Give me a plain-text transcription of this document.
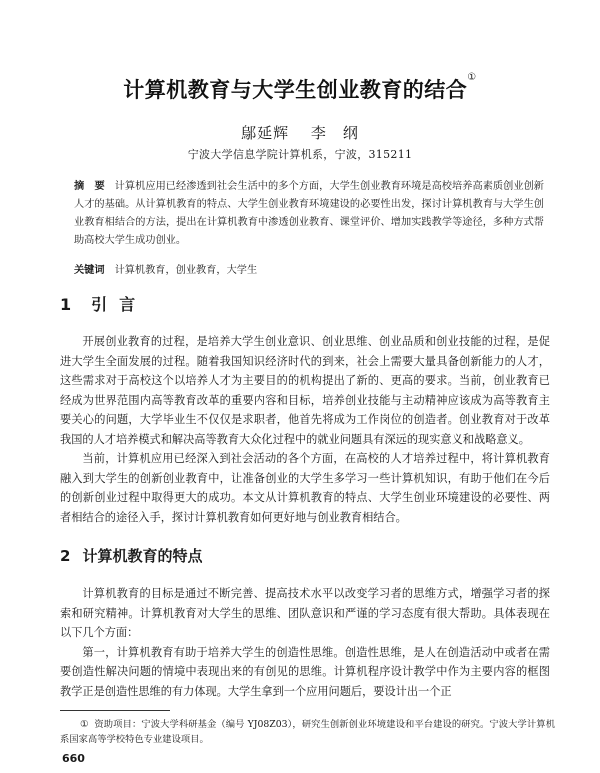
计算机教育与大学生创业教育的结合①
鄔延辉 李　纲
宁波大学信息学院计算机系，宁波，315211
摘　要 计算机应用已经渗透到社会生活中的多个方面，大学生创业教育环境是高校培养高素质创业创新人才的基础。从计算机教育的特点、大学生创业教育环境建设的必要性出发，探讨计算机教育与大学生创业教育相结合的方法，提出在计算机教育中渗透创业教育、课堂评价、增加实践教学等途径，多种方式帮助高校大学生成功创业。
关键词 计算机教育，创业教育，大学生
1 引言

开展创业教育的过程，是培养大学生创业意识、创业思维、创业品质和创业技能的过程，是促进大学生全面发展的过程。随着我国知识经济时代的到来，社会上需要大量具备创新能力的人才，这些需求对于高校这个以培养人才为主要目的的机构提出了新的、更高的要求。当前，创业教育已经成为世界范围内高等教育改革的重要内容和目标，培养创业技能与主动精神应该成为高等教育主要关心的问题，大学毕业生不仅仅是求职者，他首先将成为工作岗位的创造者。创业教育对于改革我国的人才培养模式和解决高等教育大众化过程中的就业问题具有深远的现实意义和战略意义。

当前，计算机应用已经深入到社会活动的各个方面，在高校的人才培养过程中，将计算机教育融入到大学生的创新创业教育中，让准备创业的大学生多学习一些计算机知识，有助于他们在今后的创新创业过程中取得更大的成功。本文从计算机教育的特点、大学生创业环境建设的必要性、两者相结合的途径入手，探讨计算机教育如何更好地与创业教育相结合。

2 计算机教育的特点

计算机教育的目标是通过不断完善、提高技术水平以改变学习者的思维方式，增强学习者的探索和研究精神。计算机教育对大学生的思维、团队意识和严谨的学习态度有很大帮助。具体表现在以下几个方面：

第一，计算机教育有助于培养大学生的创造性思维。创造性思维，是人在创造活动中或者在需要创造性解决问题的情境中表现出来的有创见的思维。计算机程序设计教学中作为主要内容的框图教学正是创造性思维的有力体现。大学生拿到一个应用问题后，要设计出一个正

① 资助项目：宁波大学科研基金（编号 YJ08Z03），研究生创新创业环境建设和平台建设的研究。宁波大学计算机系国家高等学校特色专业建设项目。
660
